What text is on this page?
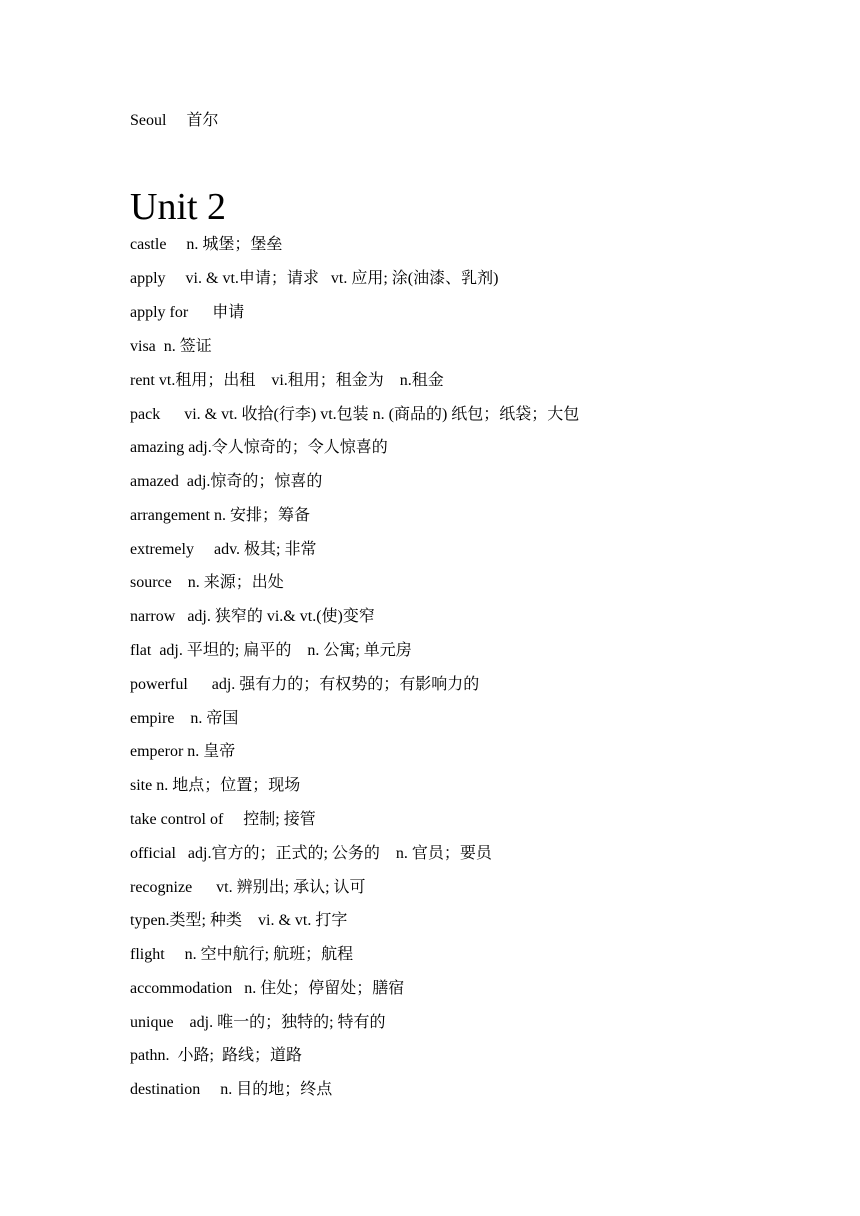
Seoul     首尔
Unit 2
castle     n. 城堡；堡垒
apply     vi. & vt.申请；请求   vt. 应用; 涂(油漆、乳剂)
apply for      申请
visa  n. 签证
rent vt.租用；出租    vi.租用；租金为    n.租金
pack      vi. & vt. 收拾(行李) vt.包装 n. (商品的) 纸包；纸袋；大包
amazing adj.令人惊奇的；令人惊喜的
amazed  adj.惊奇的；惊喜的
arrangement n. 安排；筹备
extremely     adv. 极其; 非常
source    n. 来源；出处
narrow   adj. 狭窄的 vi.& vt.(使)变窄
flat  adj. 平坦的; 扁平的    n. 公寓; 单元房
powerful      adj. 强有力的；有权势的；有影响力的
empire    n. 帝国
emperor n. 皇帝
site n. 地点；位置；现场
take control of     控制; 接管
official   adj.官方的；正式的; 公务的    n. 官员；要员
recognize      vt. 辨别出; 承认; 认可
typen.类型; 种类    vi. & vt. 打字
flight     n. 空中航行; 航班；航程
accommodation   n. 住处；停留处；膳宿
unique    adj. 唯一的；独特的; 特有的
pathn.  小路;  路线；道路
destination     n. 目的地；终点
